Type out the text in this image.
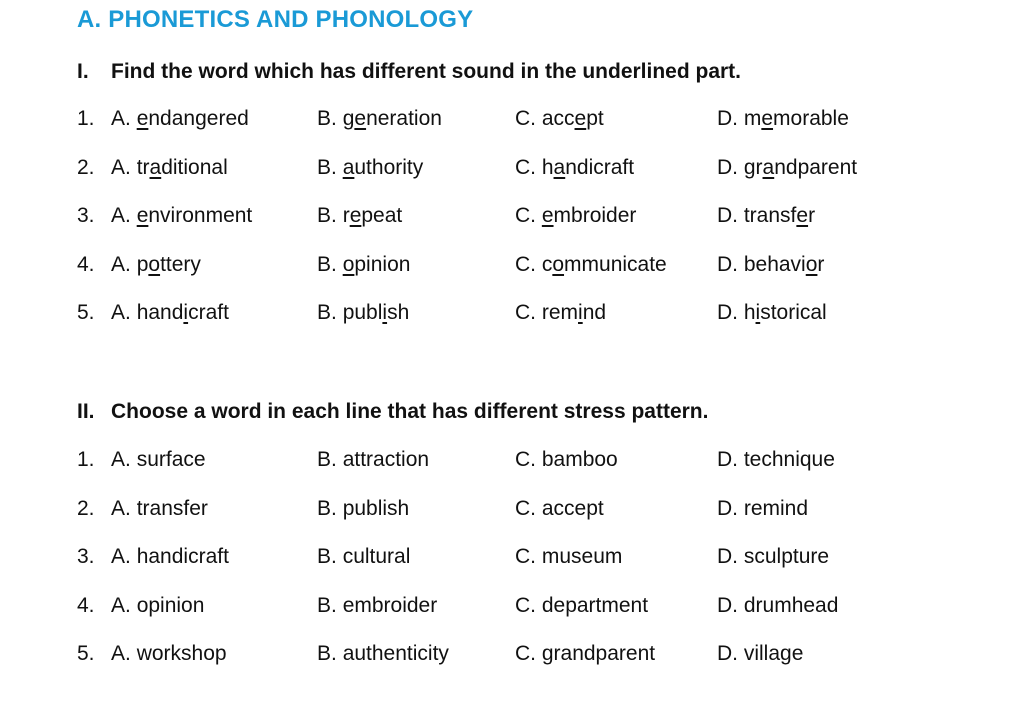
A. PHONETICS AND PHONOLOGY
I. Find the word which has different sound in the underlined part.
1. A. endangered	B. generation	C. accept	D. memorable
2. A. traditional	B. authority	C. handicraft	D. grandparent
3. A. environment	B. repeat	C. embroider	D. transfer
4. A. pottery	B. opinion	C. communicate D. behavior
5. A. handicraft	B. publish	C. remind	D. historical
II. Choose a word in each line that has different stress pattern.
1. A. surface	B. attraction	C. bamboo	D. technique
2. A. transfer	B. publish	C. accept	D. remind
3. A. handicraft	B. cultural	C. museum	D. sculpture
4. A. opinion	B. embroider	C. department	D. drumhead
5. A. workshop	B. authenticity	C. grandparent	D. village
